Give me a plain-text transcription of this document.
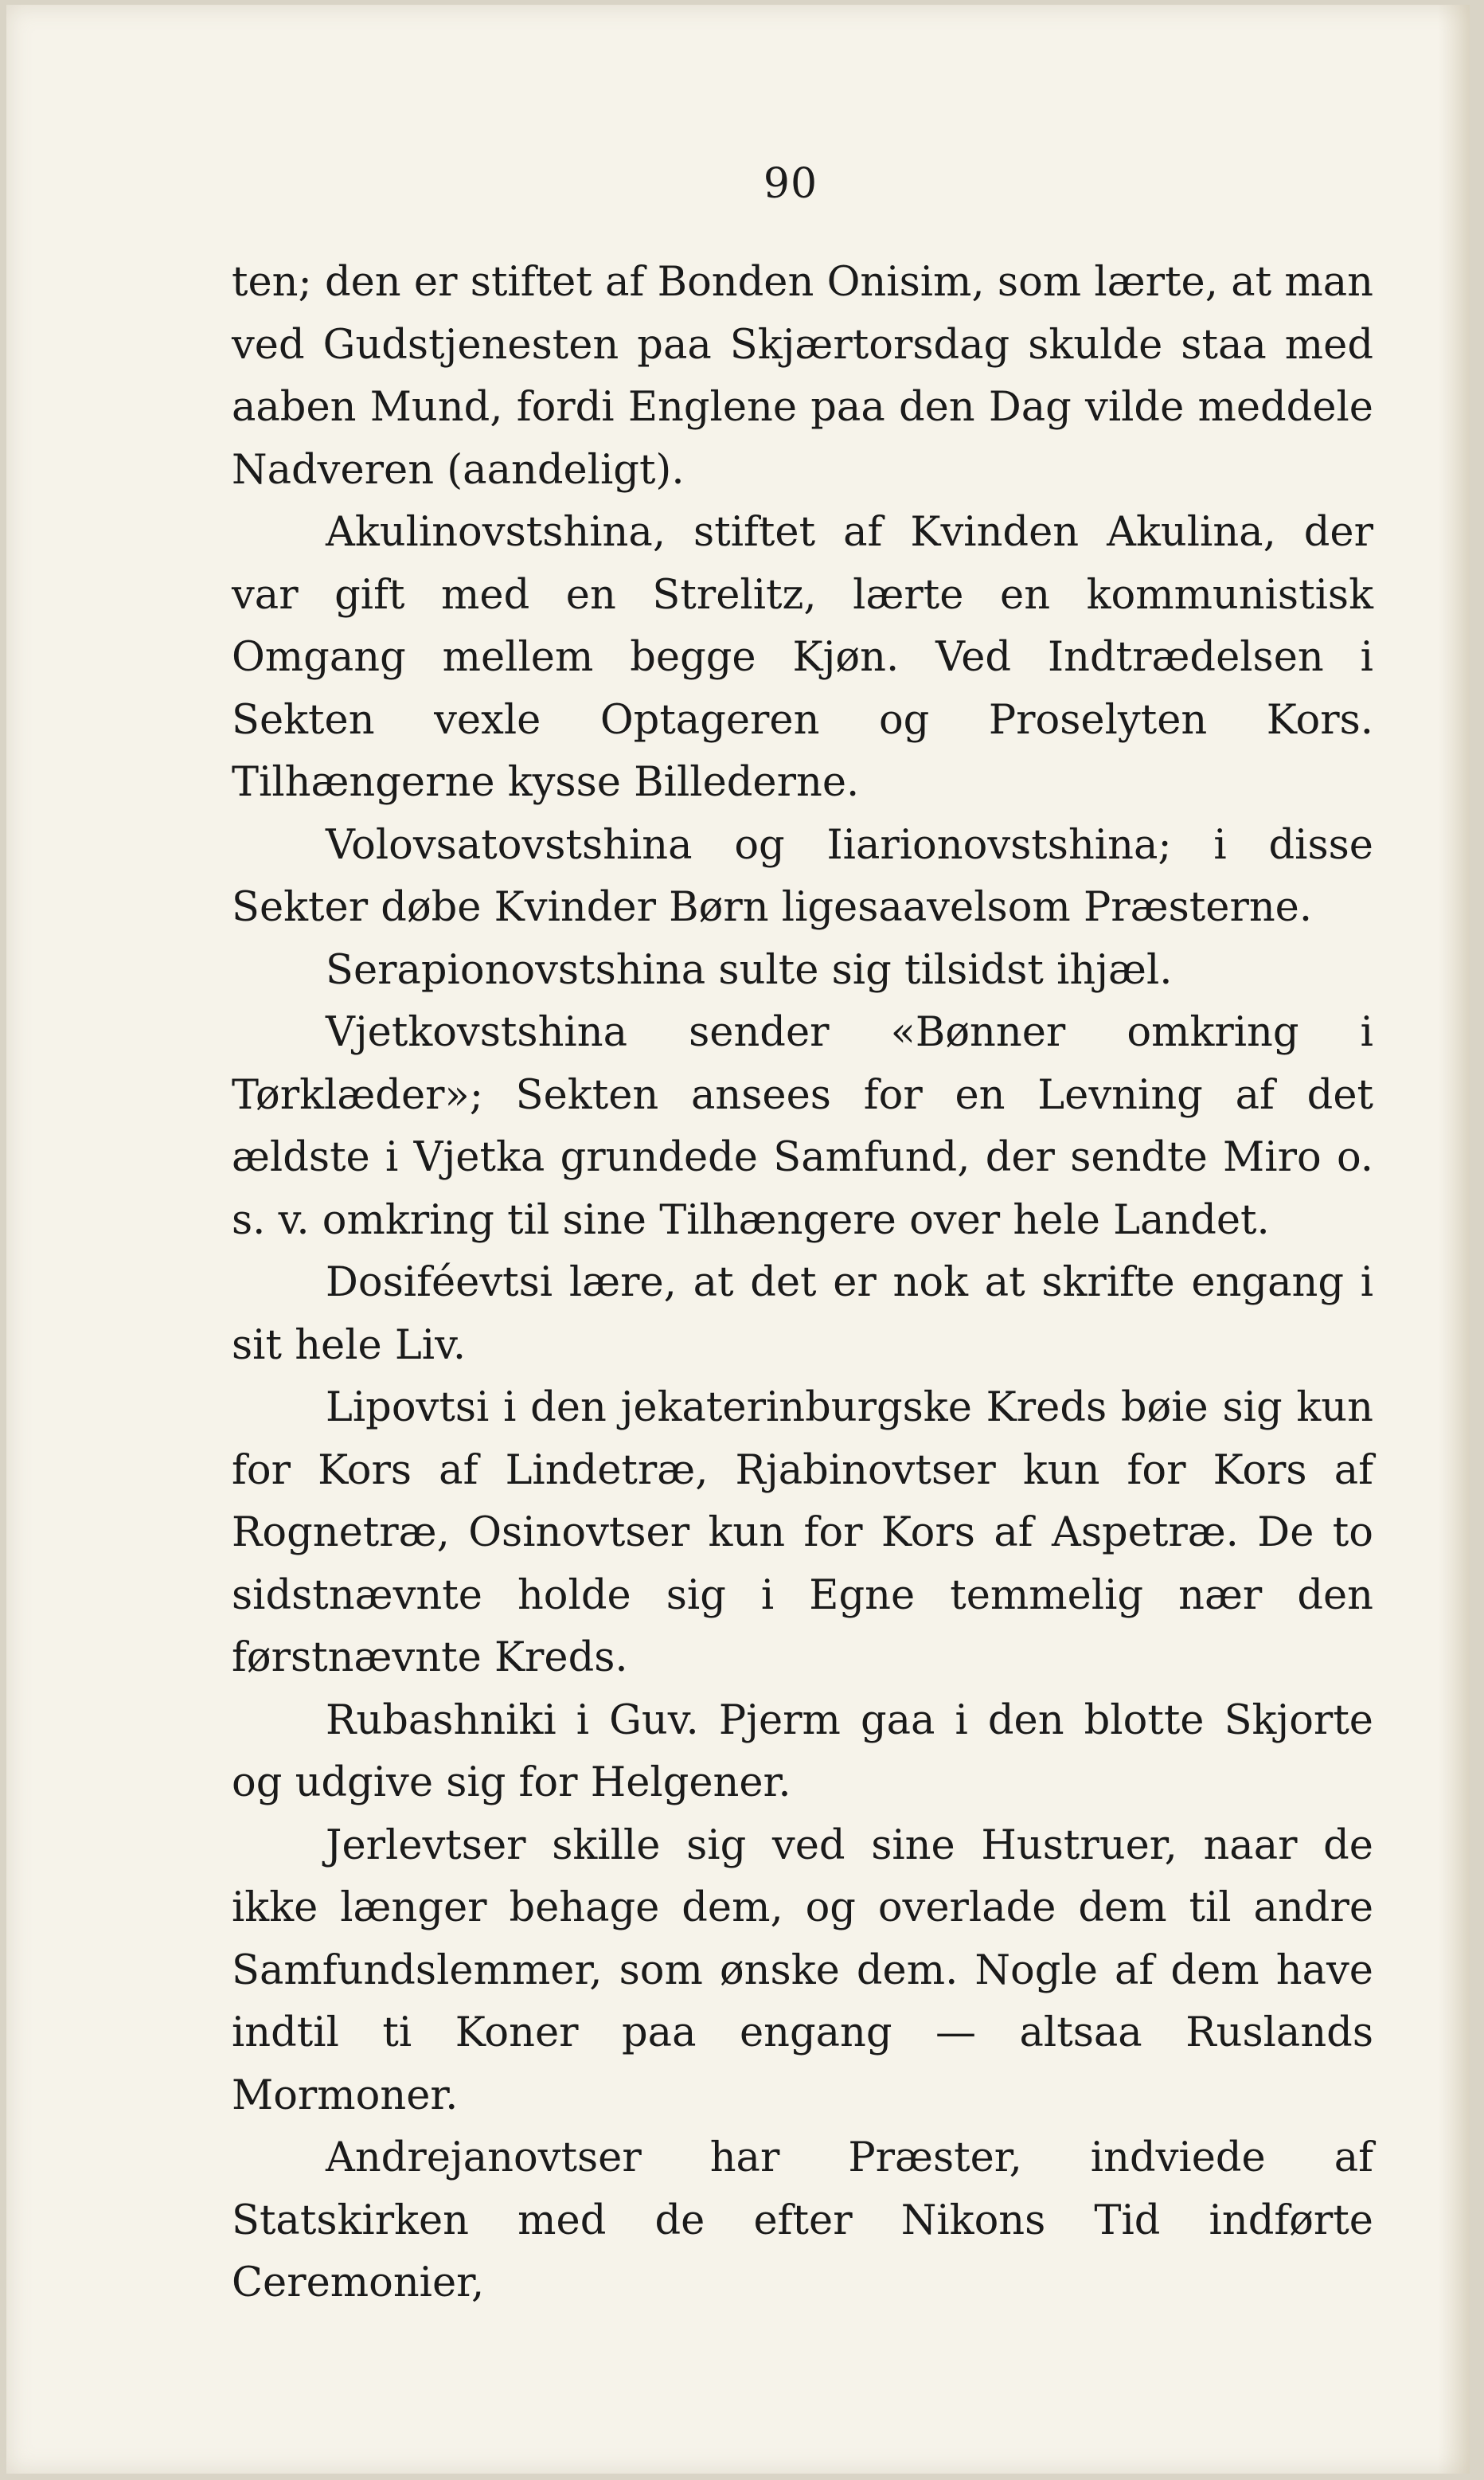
90

ten; den er stiftet af Bonden Onisim, som lærte, at man ved Gudstjenesten paa Skjærtorsdag skulde staa med aaben Mund, fordi Englene paa den Dag vilde meddele Nadveren (aandeligt).

Akulinovstshina, stiftet af Kvinden Akulina, der var gift med en Strelitz, lærte en kommunistisk Omgang mellem begge Kjøn. Ved Indtrædelsen i Sekten vexle Optageren og Proselyten Kors. Tilhængerne kysse Billederne.

Volovsatovstshina og Iiarionovstshina; i disse Sekter døbe Kvinder Børn ligesaavelsom Præsterne.

Serapionovstshina sulte sig tilsidst ihjæl.

Vjetkovstshina sender «Bønner omkring i Tørklæder»; Sekten ansees for en Levning af det ældste i Vjetka grundede Samfund, der sendte Miro o. s. v. omkring til sine Tilhængere over hele Landet.

Dosiféevtsi lære, at det er nok at skrifte engang i sit hele Liv.

Lipovtsi i den jekaterinburgske Kreds bøie sig kun for Kors af Lindetræ, Rjabinovtser kun for Kors af Rognetræ, Osinovtser kun for Kors af Aspetræ. De to sidstnævnte holde sig i Egne temmelig nær den førstnævnte Kreds.

Rubashniki i Guv. Pjerm gaa i den blotte Skjorte og udgive sig for Helgener.

Jerlevtser skille sig ved sine Hustruer, naar de ikke længer behage dem, og overlade dem til andre Samfundslemmer, som ønske dem. Nogle af dem have indtil ti Koner paa engang — altsaa Ruslands Mormoner.

Andrejanovtser har Præster, indviede af Statskirken med de efter Nikons Tid indførte Ceremonier,
